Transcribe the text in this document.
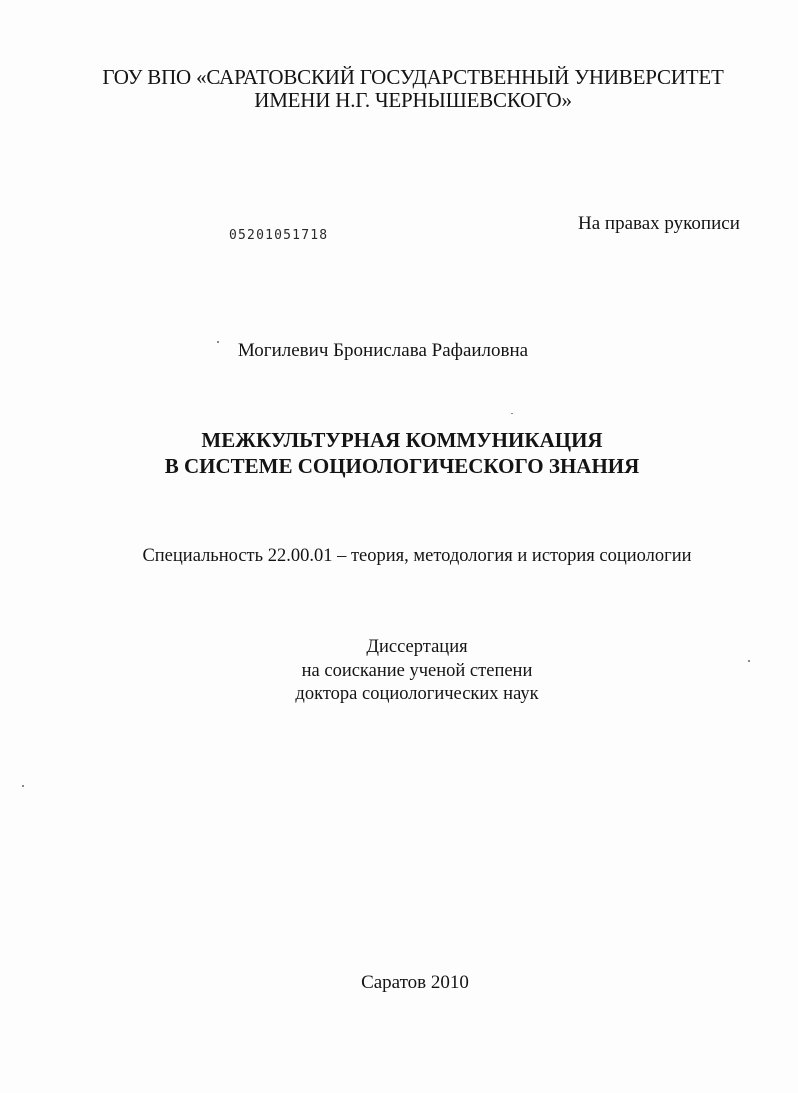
ГОУ ВПО «САРАТОВСКИЙ ГОСУДАРСТВЕННЫЙ УНИВЕРСИТЕТ
ИМЕНИ Н.Г. ЧЕРНЫШЕВСКОГО»
05201051718
На правах рукописи
Могилевич Бронислава Рафаиловна
МЕЖКУЛЬТУРНАЯ КОММУНИКАЦИЯ
В СИСТЕМЕ СОЦИОЛОГИЧЕСКОГО ЗНАНИЯ
Специальность 22.00.01 – теория, методология и история социологии
Диссертация
на соискание ученой степени
доктора социологических наук
Саратов 2010
